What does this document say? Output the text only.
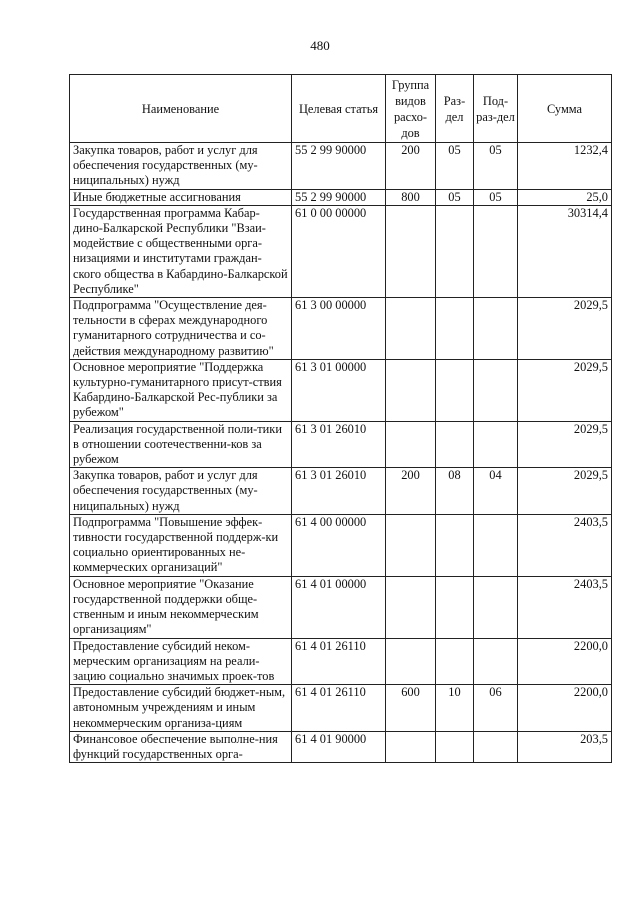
480
Наименование	Целевая статья	Группа видов расхо-дов	Раз-дел	Под-раз-дел	Сумма
Закупка товаров, работ и услуг для обеспечения государственных (му-ниципальных) нужд	55 2 99 90000	200	05	05	1232,4
Иные бюджетные ассигнования	55 2 99 90000	800	05	05	25,0
Государственная программа Кабар-дино-Балкарской Республики "Взаи-модействие с общественными орга-низациями и институтами граждан-ского общества в Кабардино-Балкарской Республике"	61 0 00 00000				30314,4
Подпрограмма "Осуществление дея-тельности в сферах международного гуманитарного сотрудничества и со-действия международному развитию"	61 3 00 00000				2029,5
Основное мероприятие "Поддержка культурно-гуманитарного присут-ствия Кабардино-Балкарской Рес-публики за рубежом"	61 3 01 00000				2029,5
Реализация государственной поли-тики в отношении соотечественни-ков за рубежом	61 3 01 26010				2029,5
Закупка товаров, работ и услуг для обеспечения государственных (му-ниципальных) нужд	61 3 01 26010	200	08	04	2029,5
Подпрограмма "Повышение эффек-тивности государственной поддерж-ки социально ориентированных не-коммерческих организаций"	61 4 00 00000				2403,5
Основное мероприятие "Оказание государственной поддержки обще-ственным и иным некоммерческим организациям"	61 4 01 00000				2403,5
Предоставление субсидий неком-мерческим организациям на реали-зацию социально значимых проек-тов	61 4 01 26110				2200,0
Предоставление субсидий бюджет-ным, автономным учреждениям и иным некоммерческим организа-циям	61 4 01 26110	600	10	06	2200,0
Финансовое обеспечение выполне-ния функций государственных орга-	61 4 01 90000				203,5
